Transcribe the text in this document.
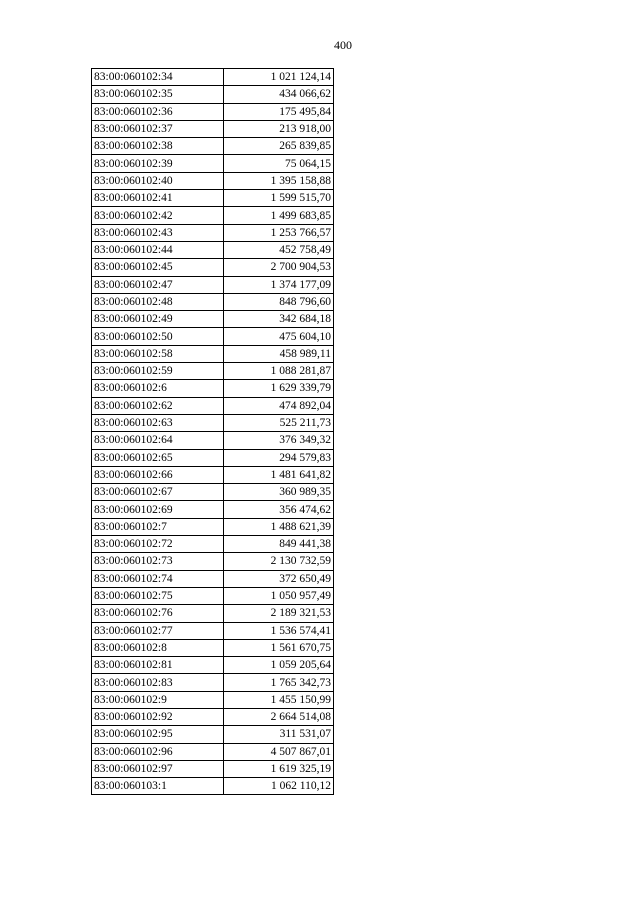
400
83:00:060102:34	1 021 124,14
83:00:060102:35	434 066,62
83:00:060102:36	175 495,84
83:00:060102:37	213 918,00
83:00:060102:38	265 839,85
83:00:060102:39	75 064,15
83:00:060102:40	1 395 158,88
83:00:060102:41	1 599 515,70
83:00:060102:42	1 499 683,85
83:00:060102:43	1 253 766,57
83:00:060102:44	452 758,49
83:00:060102:45	2 700 904,53
83:00:060102:47	1 374 177,09
83:00:060102:48	848 796,60
83:00:060102:49	342 684,18
83:00:060102:50	475 604,10
83:00:060102:58	458 989,11
83:00:060102:59	1 088 281,87
83:00:060102:6	1 629 339,79
83:00:060102:62	474 892,04
83:00:060102:63	525 211,73
83:00:060102:64	376 349,32
83:00:060102:65	294 579,83
83:00:060102:66	1 481 641,82
83:00:060102:67	360 989,35
83:00:060102:69	356 474,62
83:00:060102:7	1 488 621,39
83:00:060102:72	849 441,38
83:00:060102:73	2 130 732,59
83:00:060102:74	372 650,49
83:00:060102:75	1 050 957,49
83:00:060102:76	2 189 321,53
83:00:060102:77	1 536 574,41
83:00:060102:8	1 561 670,75
83:00:060102:81	1 059 205,64
83:00:060102:83	1 765 342,73
83:00:060102:9	1 455 150,99
83:00:060102:92	2 664 514,08
83:00:060102:95	311 531,07
83:00:060102:96	4 507 867,01
83:00:060102:97	1 619 325,19
83:00:060103:1	1 062 110,12
